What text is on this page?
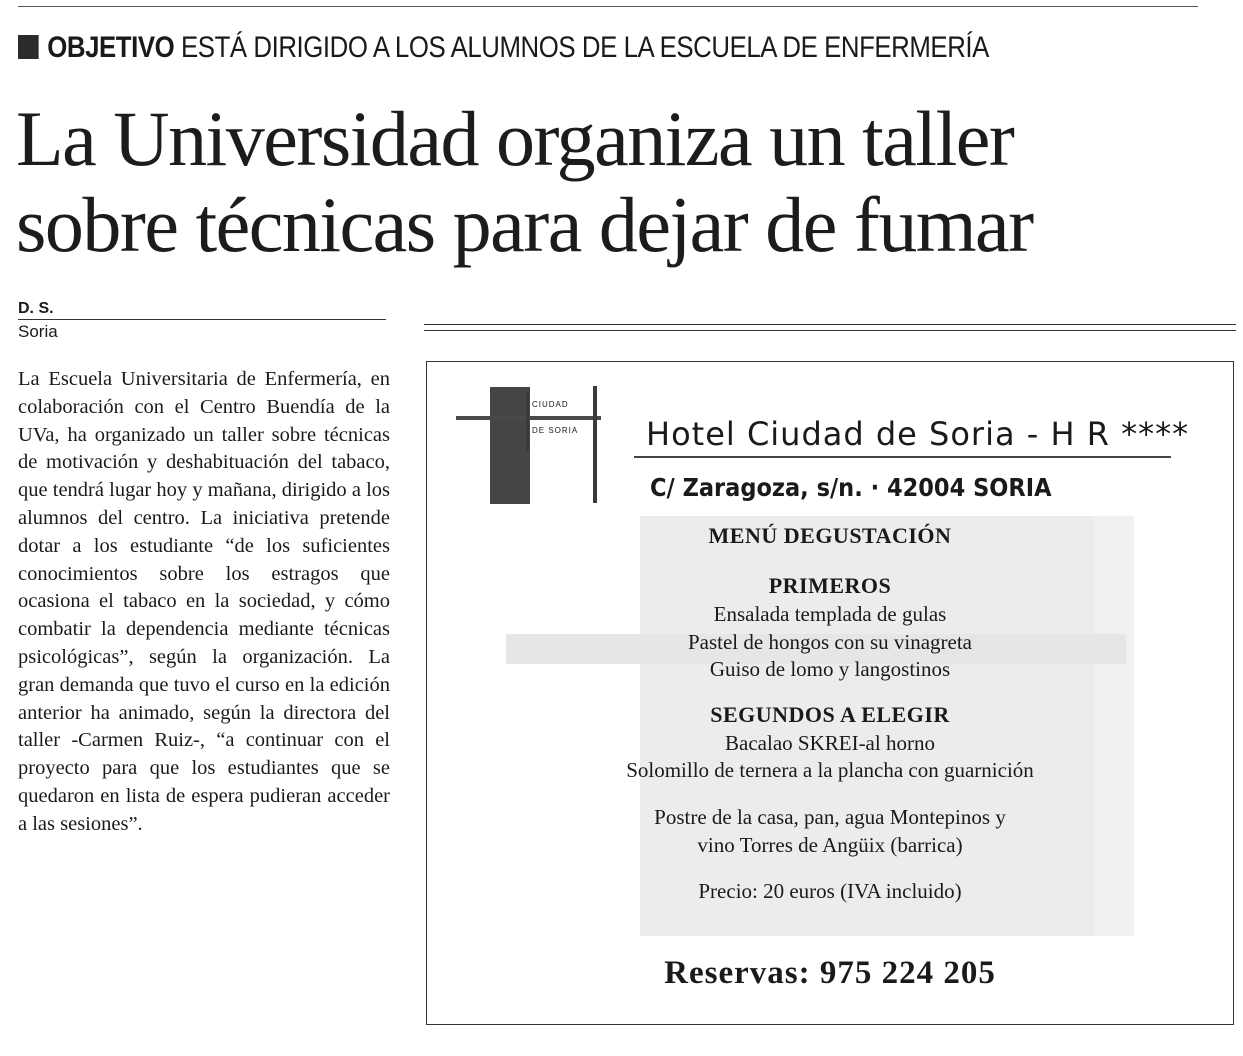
OBJETIVO ESTÁ DIRIGIDO A LOS ALUMNOS DE LA ESCUELA DE ENFERMERÍA
La Universidad organiza un taller
sobre técnicas para dejar de fumar
D. S.
Soria
La Escuela Universitaria de Enfermería, en colaboración con el Centro Buendía de la UVa, ha organizado un taller sobre técnicas de motivación y deshabituación del tabaco, que tendrá lugar hoy y mañana, dirigido a los alumnos del centro. La iniciativa pretende dotar a los estudiante “de los suficientes conocimientos sobre los estragos que ocasiona el tabaco en la sociedad, y cómo combatir la dependencia mediante técnicas psicológicas”, según la organización. La gran demanda que tuvo el curso en la edición anterior ha animado, según la directora del taller -Carmen Ruiz-, “a continuar con el proyecto para que los estudiantes que se quedaron en lista de espera pudieran acceder a las sesiones”.
CIUDAD
DE SORIA Hotel Ciudad de Soria - H R ****
C/ Zaragoza, s/n. · 42004 SORIA
MENÚ DEGUSTACIÓN
PRIMEROS
Ensalada templada de gulas
Pastel de hongos con su vinagreta
Guiso de lomo y langostinos
SEGUNDOS A ELEGIR
Bacalao SKREI-al horno
Solomillo de ternera a la plancha con guarnición
Postre de la casa, pan, agua Montepinos y
vino Torres de Angüix (barrica)
Precio: 20 euros (IVA incluido)
Reservas: 975 224 205
